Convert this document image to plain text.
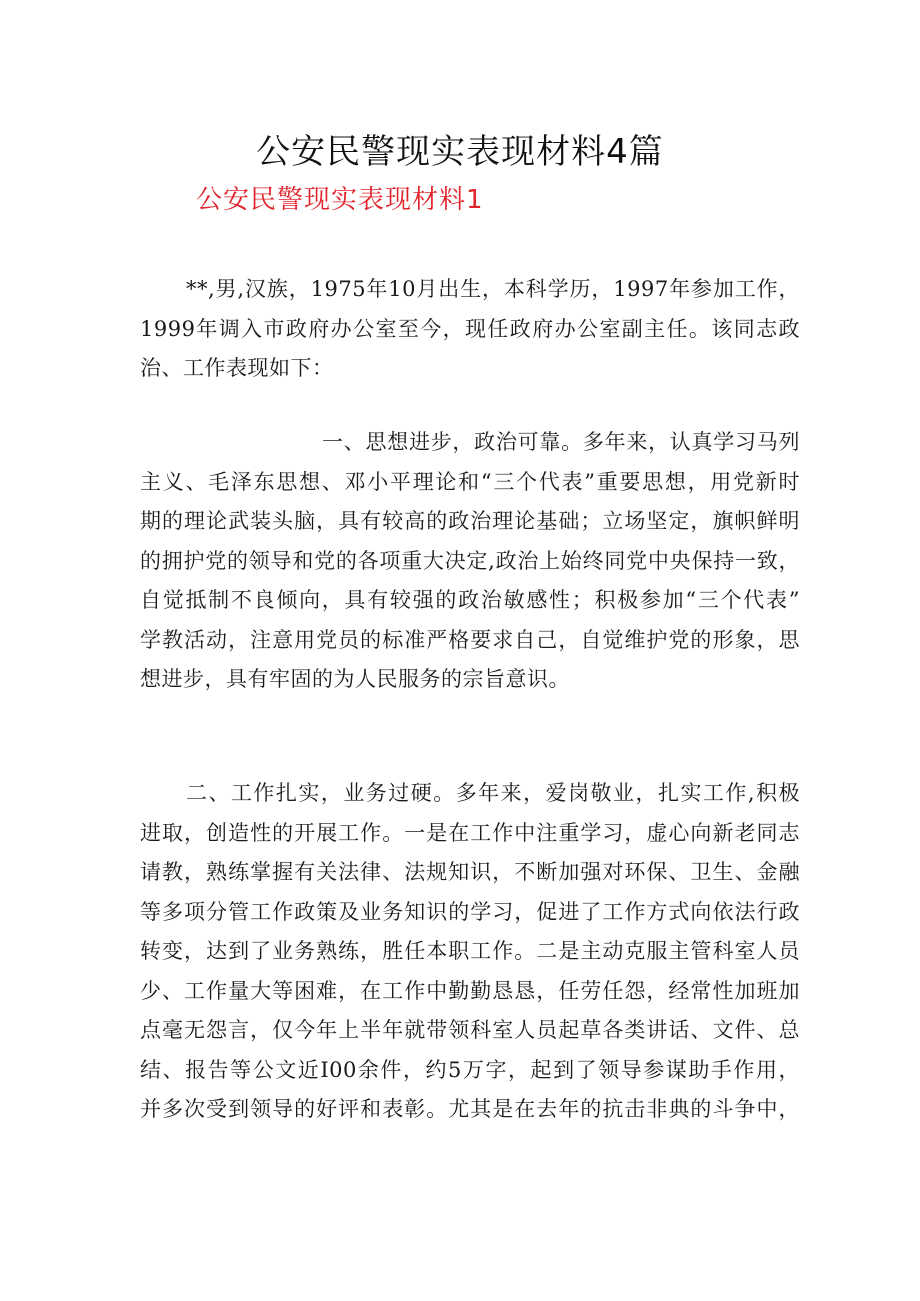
公安民警现实表现材料4篇
公安民警现实表现材料1

**,男,汉族，1975年10月出生，本科学历，1997年参加工作，
1999年调入市政府办公室至今，现任政府办公室副主任。该同志政
治、工作表现如下：

一、思想进步，政治可靠。多年来，认真学习马列
主义、毛泽东思想、邓小平理论和“三个代表”重要思想，用党新时
期的理论武装头脑，具有较高的政治理论基础；立场坚定，旗帜鲜明
的拥护党的领导和党的各项重大决定,政治上始终同党中央保持一致，
自觉抵制不良倾向，具有较强的政治敏感性；积极参加“三个代表”
学教活动，注意用党员的标准严格要求自己，自觉维护党的形象，思
想进步，具有牢固的为人民服务的宗旨意识。

二、工作扎实，业务过硬。多年来，爱岗敬业，扎实工作,积极
进取，创造性的开展工作。一是在工作中注重学习，虚心向新老同志
请教，熟练掌握有关法律、法规知识，不断加强对环保、卫生、金融
等多项分管工作政策及业务知识的学习，促进了工作方式向依法行政
转变，达到了业务熟练，胜任本职工作。二是主动克服主管科室人员
少、工作量大等困难，在工作中勤勤恳恳，任劳任怨，经常性加班加
点毫无怨言，仅今年上半年就带领科室人员起草各类讲话、文件、总
结、报告等公文近I00余件，约5万字，起到了领导参谋助手作用，
并多次受到领导的好评和表彰。尤其是在去年的抗击非典的斗争中，
